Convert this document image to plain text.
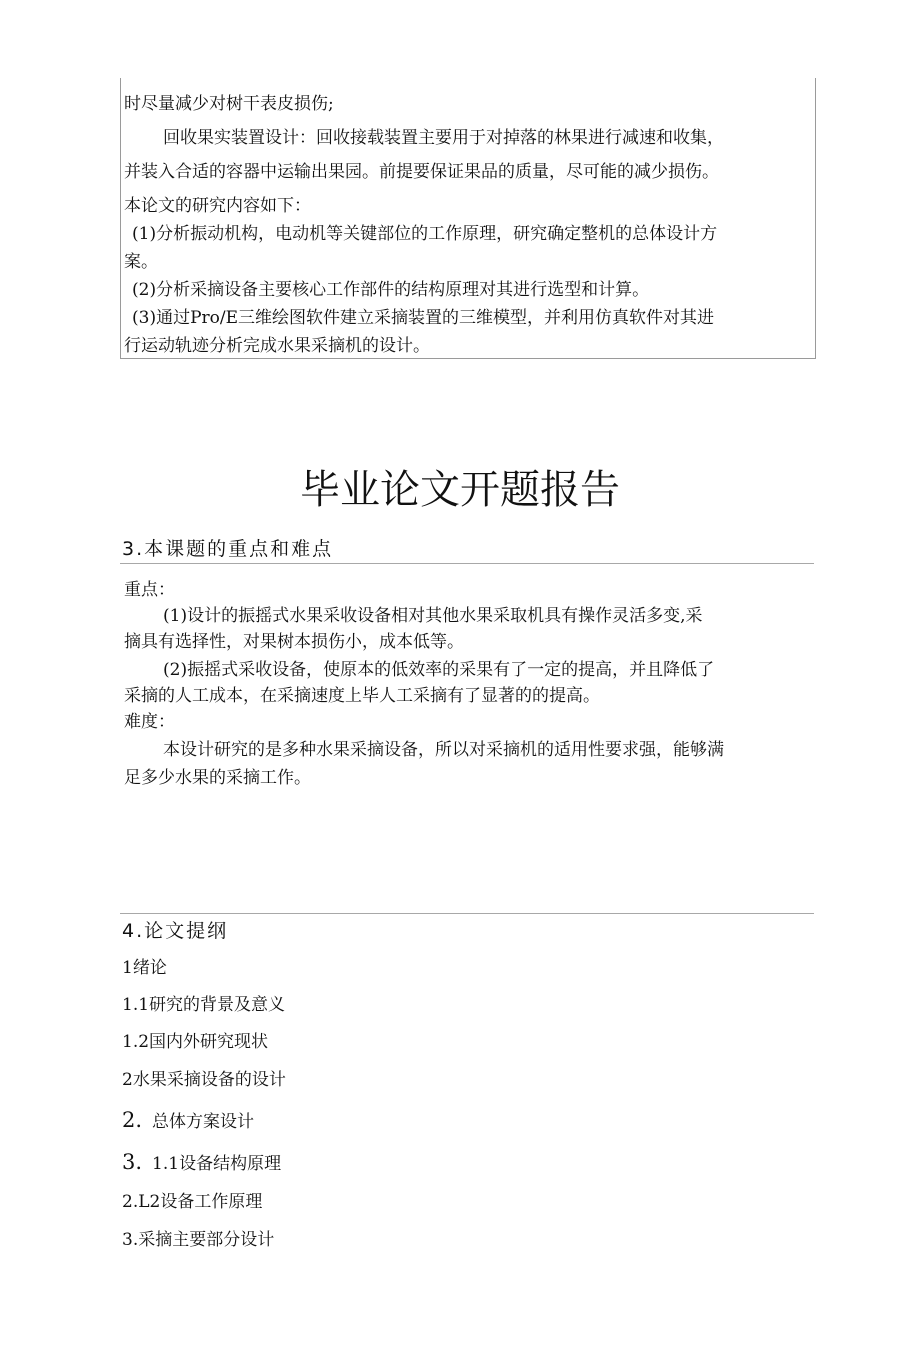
时尽量减少对树干表皮损伤;
回收果实装置设计：回收接载装置主要用于对掉落的林果进行减速和收集，
并装入合适的容器中运输出果园。前提要保证果品的质量，尽可能的减少损伤。
本论文的研究内容如下：
(1)分析振动机构，电动机等关键部位的工作原理，研究确定整机的总体设计方
案。
(2)分析采摘设备主要核心工作部件的结构原理对其进行选型和计算。
(3)通过Pro/E三维绘图软件建立采摘装置的三维模型，并利用仿真软件对其进
行运动轨迹分析完成水果采摘机的设计。
毕业论文开题报告
3.本课题的重点和难点
重点：
(1)设计的振摇式水果采收设备相对其他水果采取机具有操作灵活多变,采
摘具有选择性，对果树本损伤小，成本低等。
(2)振摇式采收设备，使原本的低效率的采果有了一定的提高，并且降低了
采摘的人工成本，在采摘速度上毕人工采摘有了显著的的提高。
难度：
本设计研究的是多种水果采摘设备，所以对采摘机的适用性要求强，能够满
足多少水果的采摘工作。
4.论文提纲
1绪论
1.1研究的背景及意义
1.2国内外研究现状
2水果采摘设备的设计
2. 总体方案设计
3. 1.1设备结构原理
2.L2设备工作原理
3.采摘主要部分设计
